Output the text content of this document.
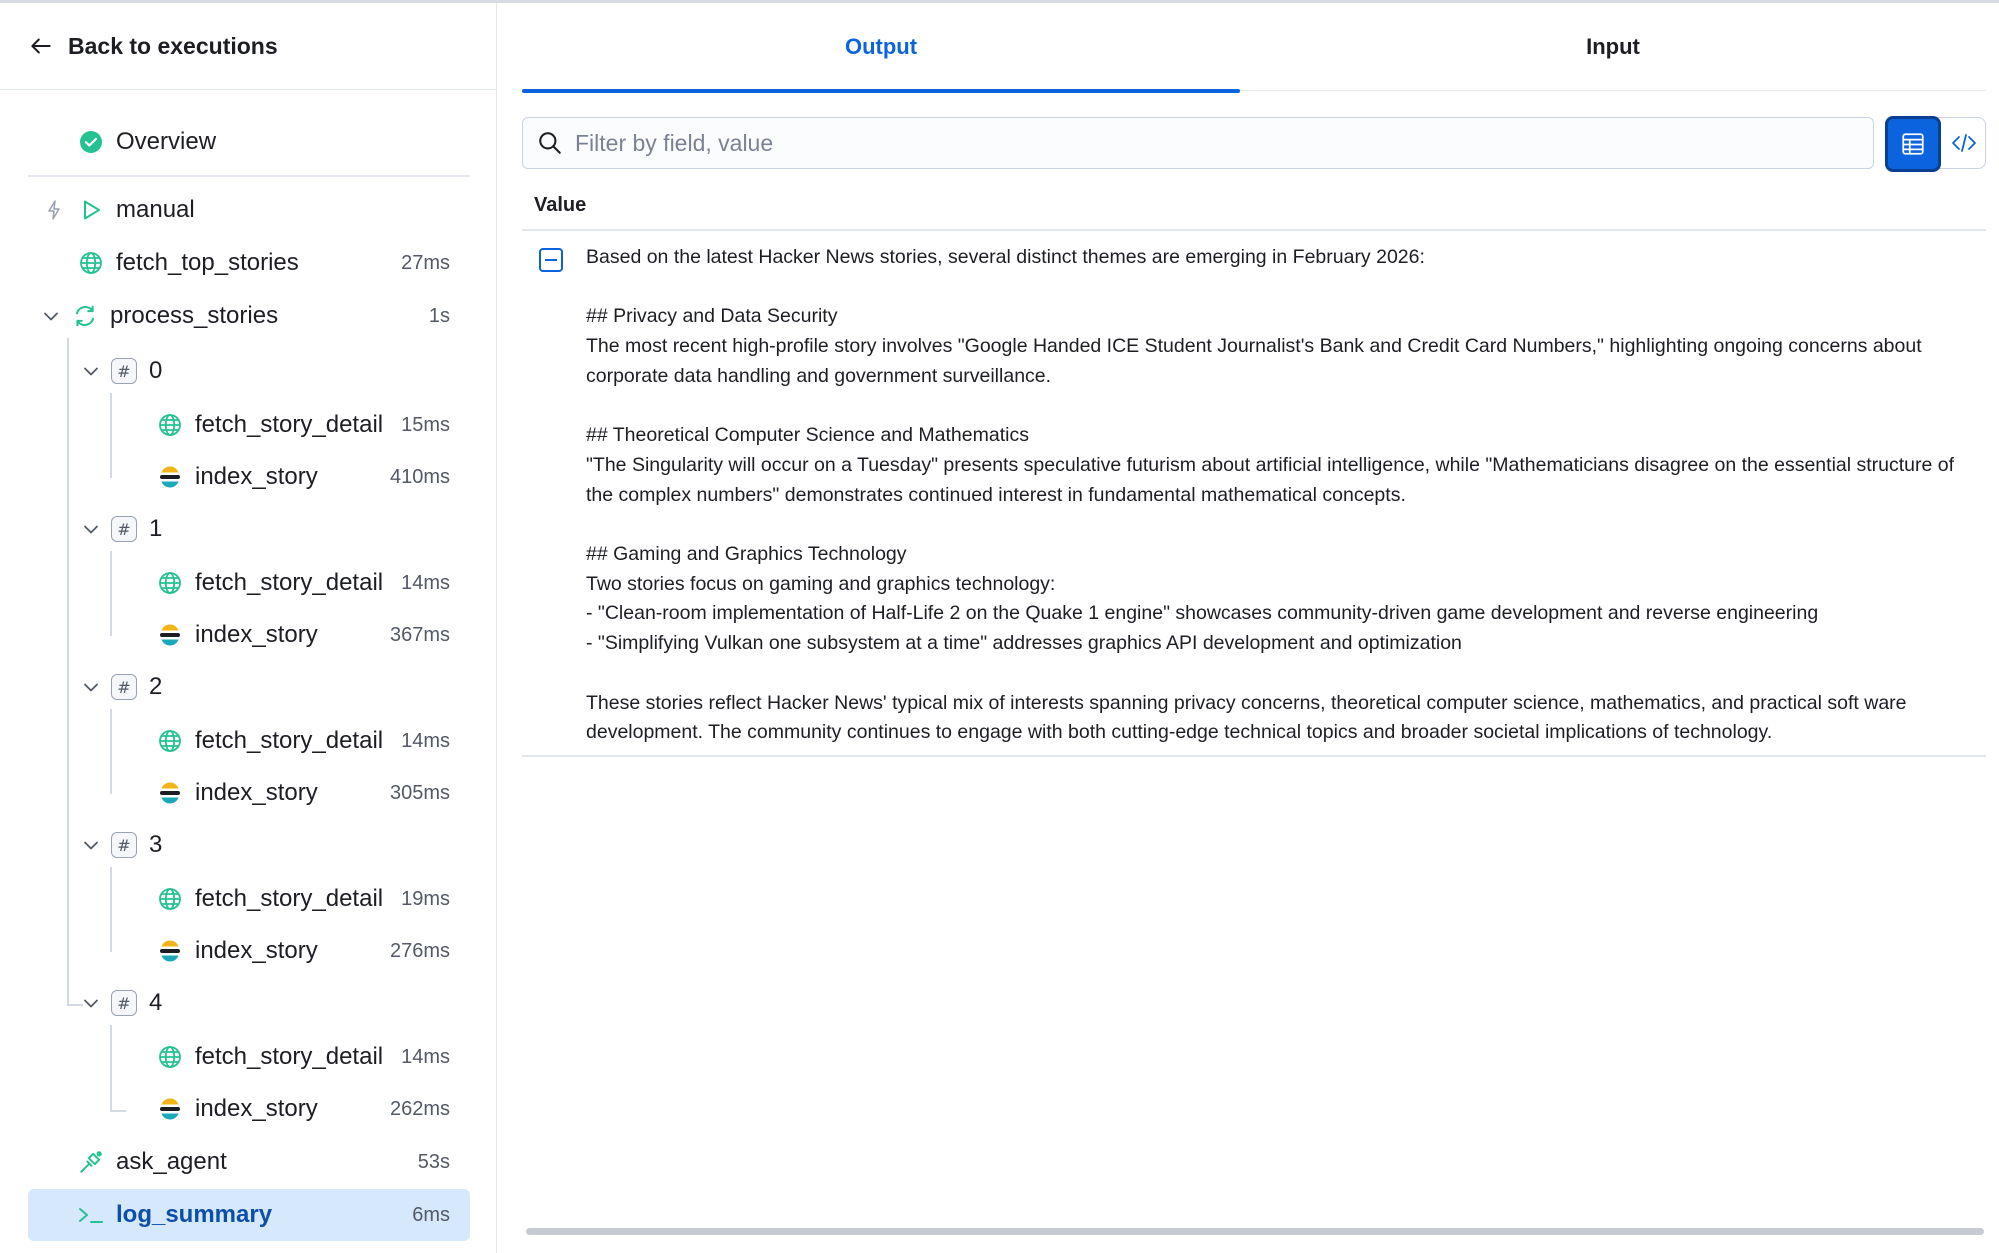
Back to executions
Overview
manual
fetch_top_stories	27ms
process_stories	1s
# 0
fetch_story_detail 15ms
index_story	410ms
# 1
fetch_story_detail 14ms
index_story	367ms
# 2
fetch_story_detail 14ms
index_story	305ms
# 3
fetch_story_detail 19ms
index_story	276ms
# 4
fetch_story_detail 14ms
index_story	262ms
ask_agent	53s
log_summary	6ms
Output	Input
Filter by field, value
Value
Based on the latest Hacker News stories, several distinct themes are emerging in February 2026:

## Privacy and Data Security
The most recent high-profile story involves "Google Handed ICE Student Journalist's Bank and Credit Card Numbers," highlighting ongoing concerns about corporate data handling and government surveillance.

## Theoretical Computer Science and Mathematics
"The Singularity will occur on a Tuesday" presents speculative futurism about artificial intelligence, while "Mathematicians disagree on the essential structure of the complex numbers" demonstrates continued interest in fundamental mathematical concepts.

## Gaming and Graphics Technology
Two stories focus on gaming and graphics technology:
- "Clean-room implementation of Half-Life 2 on the Quake 1 engine" showcases community-driven game development and reverse engineering
- "Simplifying Vulkan one subsystem at a time" addresses graphics API development and optimization

These stories reflect Hacker News' typical mix of interests spanning privacy concerns, theoretical computer science, mathematics, and practical soft ware development. The community continues to engage with both cutting-edge technical topics and broader societal implications of technology.
